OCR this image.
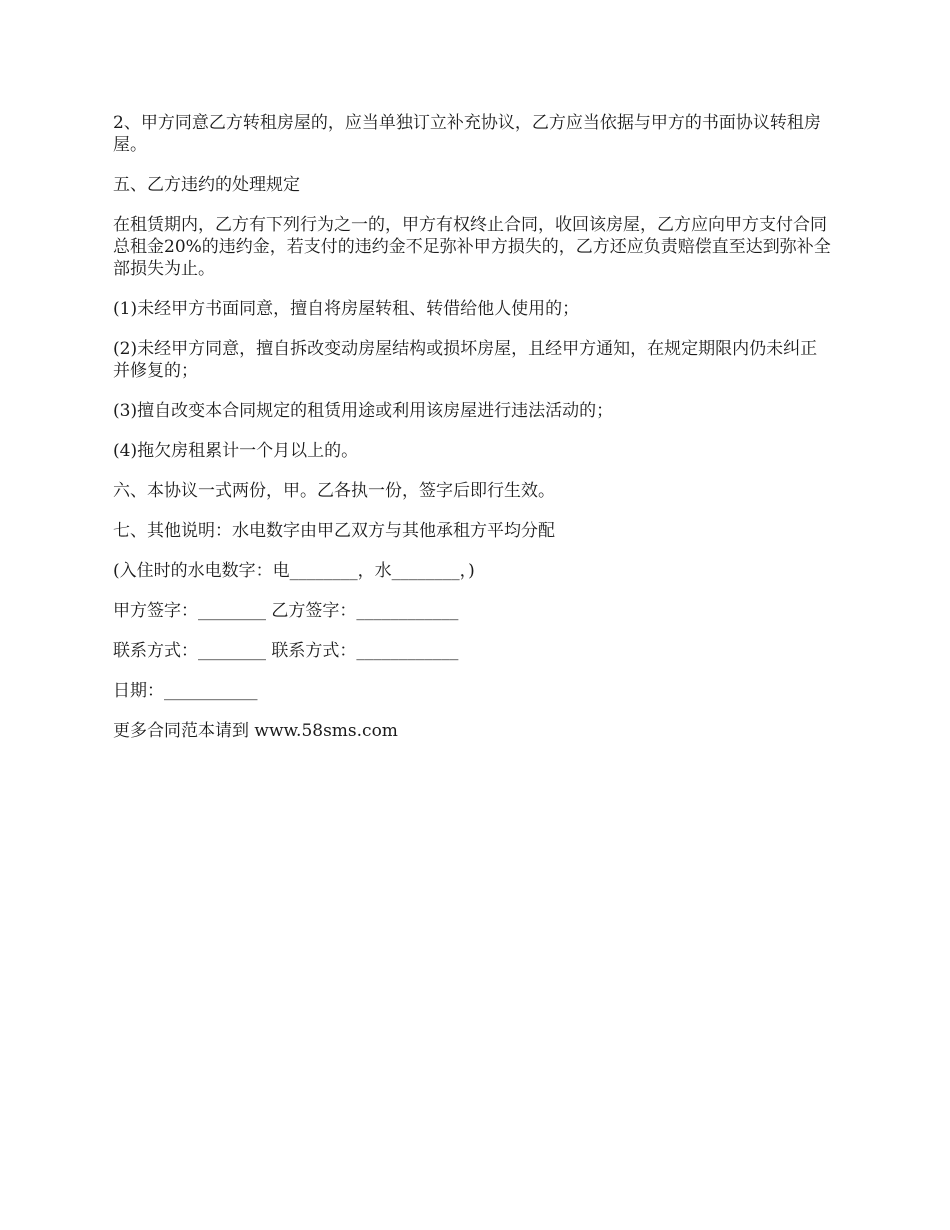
2、甲方同意乙方转租房屋的，应当单独订立补充协议，乙方应当依据与甲方的书面协议转租房屋。

五、乙方违约的处理规定

在租赁期内，乙方有下列行为之一的，甲方有权终止合同，收回该房屋，乙方应向甲方支付合同总租金20%的违约金，若支付的违约金不足弥补甲方损失的，乙方还应负责赔偿直至达到弥补全部损失为止。

(1)未经甲方书面同意，擅自将房屋转租、转借给他人使用的；

(2)未经甲方同意，擅自拆改变动房屋结构或损坏房屋，且经甲方通知，在规定期限内仍未纠正并修复的；

(3)擅自改变本合同规定的租赁用途或利用该房屋进行违法活动的；

(4)拖欠房租累计一个月以上的。

六、本协议一式两份，甲。乙各执一份，签字后即行生效。

七、其他说明：水电数字由甲乙双方与其他承租方平均分配

(入住时的水电数字：电________，水________，)

甲方签字：________ 乙方签字：____________

联系方式：________ 联系方式：____________

日期：___________

更多合同范本请到 www.58sms.com
